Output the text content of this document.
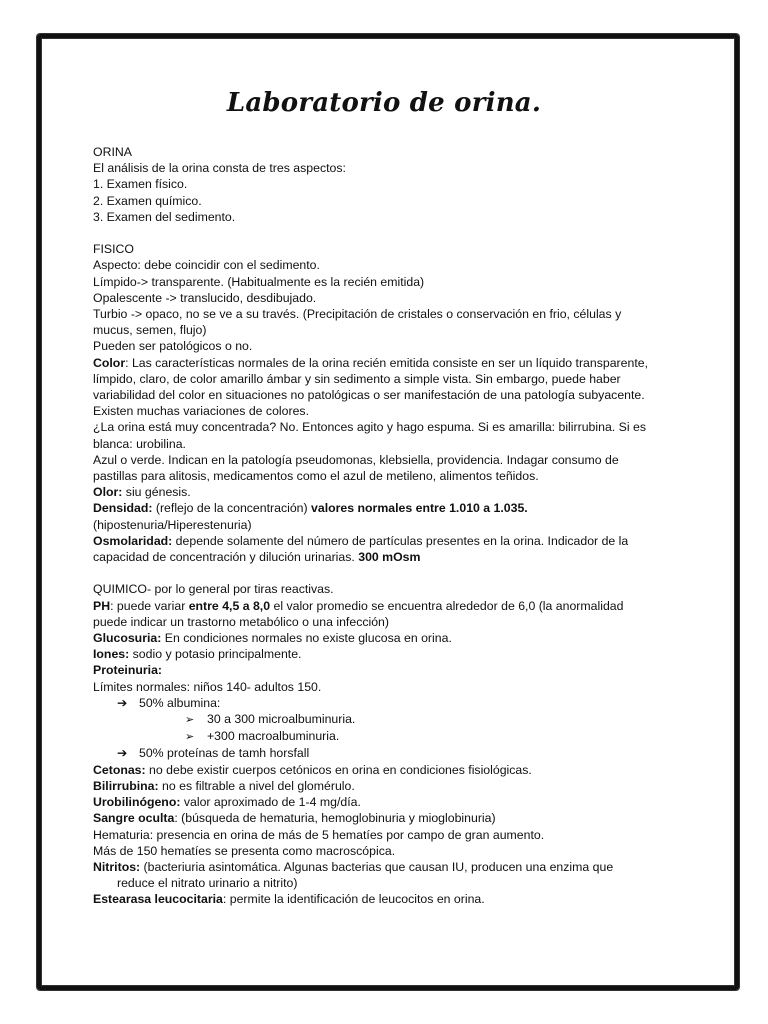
Laboratorio de orina.

ORINA

El análisis de la orina consta de tres aspectos:

1. Examen físico.

2. Examen químico.

3. Examen del sedimento.

FISICO

Aspecto: debe coincidir con el sedimento.

Límpido-> transparente. (Habitualmente es la recién emitida)

Opalescente -> translucido, desdibujado.

Turbio -> opaco, no se ve a su través. (Precipitación de cristales o conservación en frio, células y

mucus, semen, flujo)

Pueden ser patológicos o no.

Color: Las características normales de la orina recién emitida consiste en ser un líquido transparente,

límpido, claro, de color amarillo ámbar y sin sedimento a simple vista. Sin embargo, puede haber

variabilidad del color en situaciones no patológicas o ser manifestación de una patología subyacente.

Existen muchas variaciones de colores.

¿La orina está muy concentrada? No. Entonces agito y hago espuma. Si es amarilla: bilirrubina. Si es

blanca: urobilina.

Azul o verde. Indican en la patología pseudomonas, klebsiella, providencia. Indagar consumo de

pastillas para alitosis, medicamentos como el azul de metileno, alimentos teñidos.

Olor: siu génesis.

Densidad: (reflejo de la concentración) valores normales entre 1.010 a 1.035.

(hipostenuria/Hiperestenuria)

Osmolaridad: depende solamente del número de partículas presentes en la orina. Indicador de la

capacidad de concentración y dilución urinarias. 300 mOsm

QUIMICO- por lo general por tiras reactivas.

PH: puede variar entre 4,5 a 8,0 el valor promedio se encuentra alrededor de 6,0 (la anormalidad

puede indicar un trastorno metabólico o una infección)

Glucosuria: En condiciones normales no existe glucosa en orina.

Iones: sodio y potasio principalmente.

Proteinuria:

Límites normales: niños 140- adultos 150.

➔ 50% albumina:

➢ 30 a 300 microalbuminuria.

➢ +300 macroalbuminuria.

➔ 50% proteínas de tamh horsfall

Cetonas: no debe existir cuerpos cetónicos en orina en condiciones fisiológicas.

Bilirrubina: no es filtrable a nivel del glomérulo.

Urobilinógeno: valor aproximado de 1-4 mg/día.

Sangre oculta: (búsqueda de hematuria, hemoglobinuria y mioglobinuria)

Hematuria: presencia en orina de más de 5 hematíes por campo de gran aumento.

Más de 150 hematíes se presenta como macroscópica.

Nitritos: (bacteriuria asintomática. Algunas bacterias que causan IU, producen una enzima que

reduce el nitrato urinario a nitrito)

Estearasa leucocitaria: permite la identificación de leucocitos en orina.
